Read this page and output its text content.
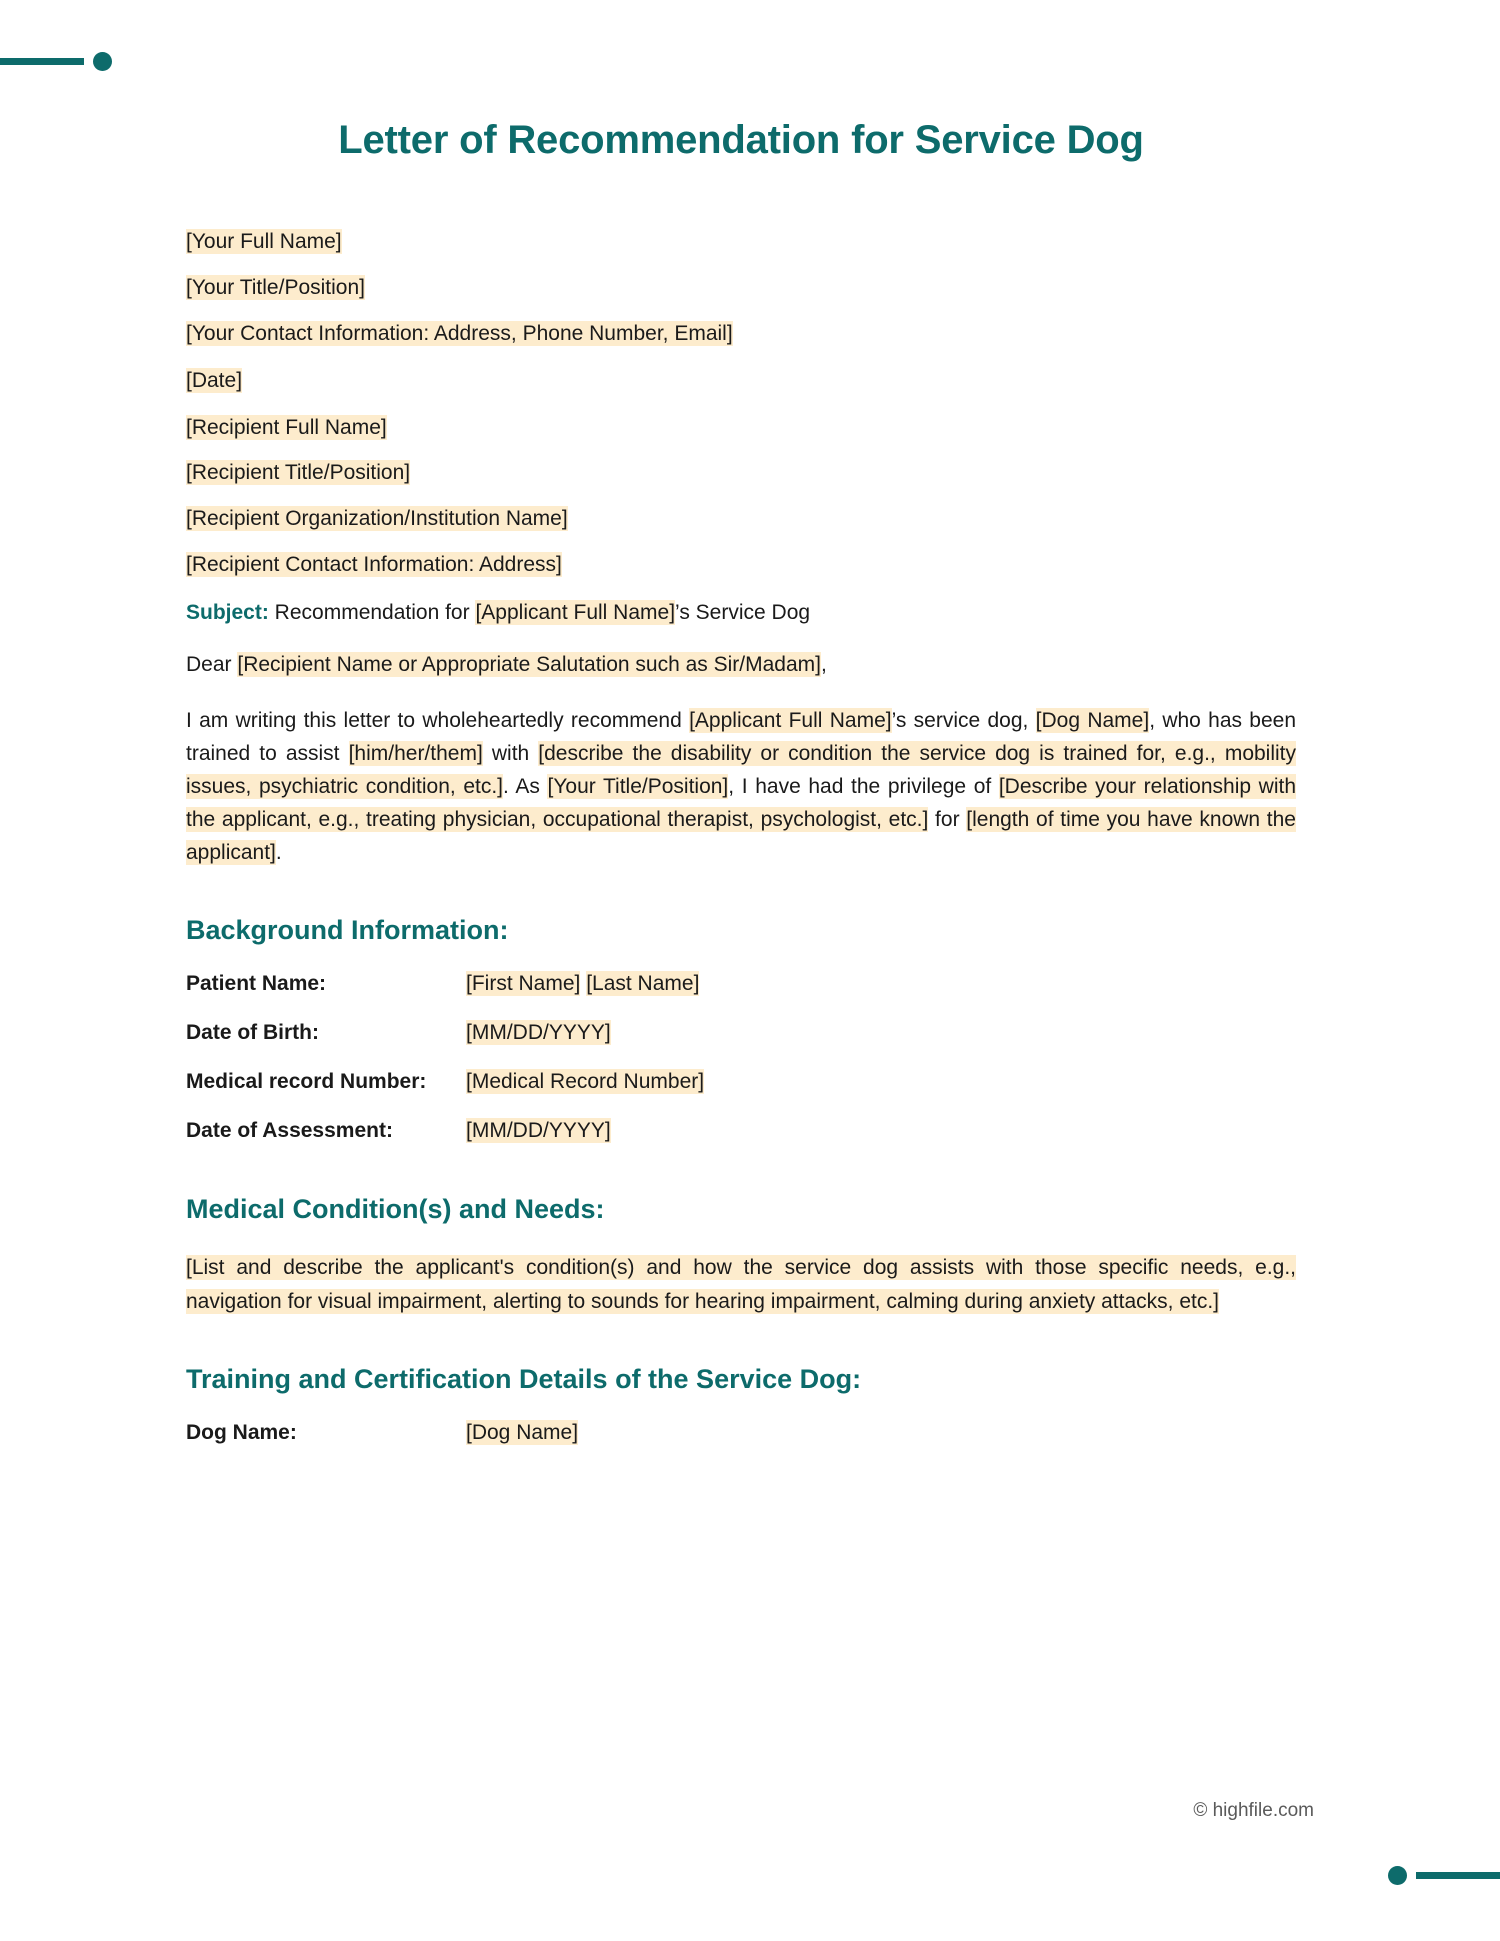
Letter of Recommendation for Service Dog
[Your Full Name]
[Your Title/Position]
[Your Contact Information: Address, Phone Number, Email]
[Date]
[Recipient Full Name]
[Recipient Title/Position]
[Recipient Organization/Institution Name]
[Recipient Contact Information: Address]
Subject: Recommendation for [Applicant Full Name]’s Service Dog
Dear [Recipient Name or Appropriate Salutation such as Sir/Madam],
I am writing this letter to wholeheartedly recommend [Applicant Full Name]’s service dog, [Dog Name], who has been trained to assist [him/her/them] with [describe the disability or condition the service dog is trained for, e.g., mobility issues, psychiatric condition, etc.]. As [Your Title/Position], I have had the privilege of [Describe your relationship with the applicant, e.g., treating physician, occupational therapist, psychologist, etc.] for [length of time you have known the applicant].
Background Information:
Patient Name:	[First Name] [Last Name]
Date of Birth:	[MM/DD/YYYY]
Medical record Number:	[Medical Record Number]
Date of Assessment:	[MM/DD/YYYY]
Medical Condition(s) and Needs:
[List and describe the applicant's condition(s) and how the service dog assists with those specific needs, e.g., navigation for visual impairment, alerting to sounds for hearing impairment, calming during anxiety attacks, etc.]
Training and Certification Details of the Service Dog:
Dog Name:	[Dog Name]
© highfile.com
